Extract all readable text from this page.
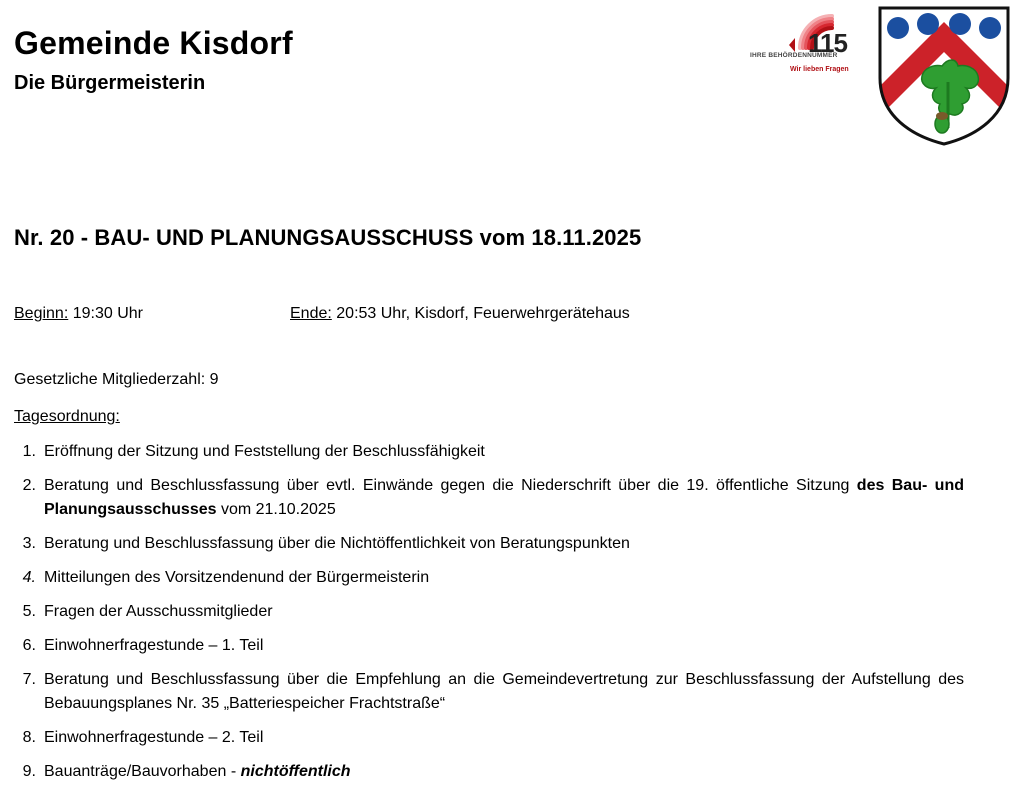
Gemeinde Kisdorf
Die Bürgermeisterin
115
IHRE BEHÖRDENNUMMER
Wir lieben Fragen
Nr. 20 - BAU- UND PLANUNGSAUSSCHUSS vom 18.11.2025
Beginn: 19:30 Uhr	Ende: 20:53 Uhr, Kisdorf, Feuerwehrgerätehaus
Gesetzliche Mitgliederzahl: 9
Tagesordnung:
1. Eröffnung der Sitzung und Feststellung der Beschlussfähigkeit
2. Beratung und Beschlussfassung über evtl. Einwände gegen die Niederschrift über die 19. öffentliche Sitzung des Bau- und Planungsausschusses vom 21.10.2025
3. Beratung und Beschlussfassung über die Nichtöffentlichkeit von Beratungspunkten
4. Mitteilungen des Vorsitzendenund der Bürgermeisterin
5. Fragen der Ausschussmitglieder
6. Einwohnerfragestunde – 1. Teil
7. Beratung und Beschlussfassung über die Empfehlung an die Gemeindevertretung zur Beschlussfassung der Aufstellung des Bebauungsplanes Nr. 35 „Batteriespeicher Frachtstraße“
8. Einwohnerfragestunde – 2. Teil
9. Bauanträge/Bauvorhaben - nichtöffentlich
